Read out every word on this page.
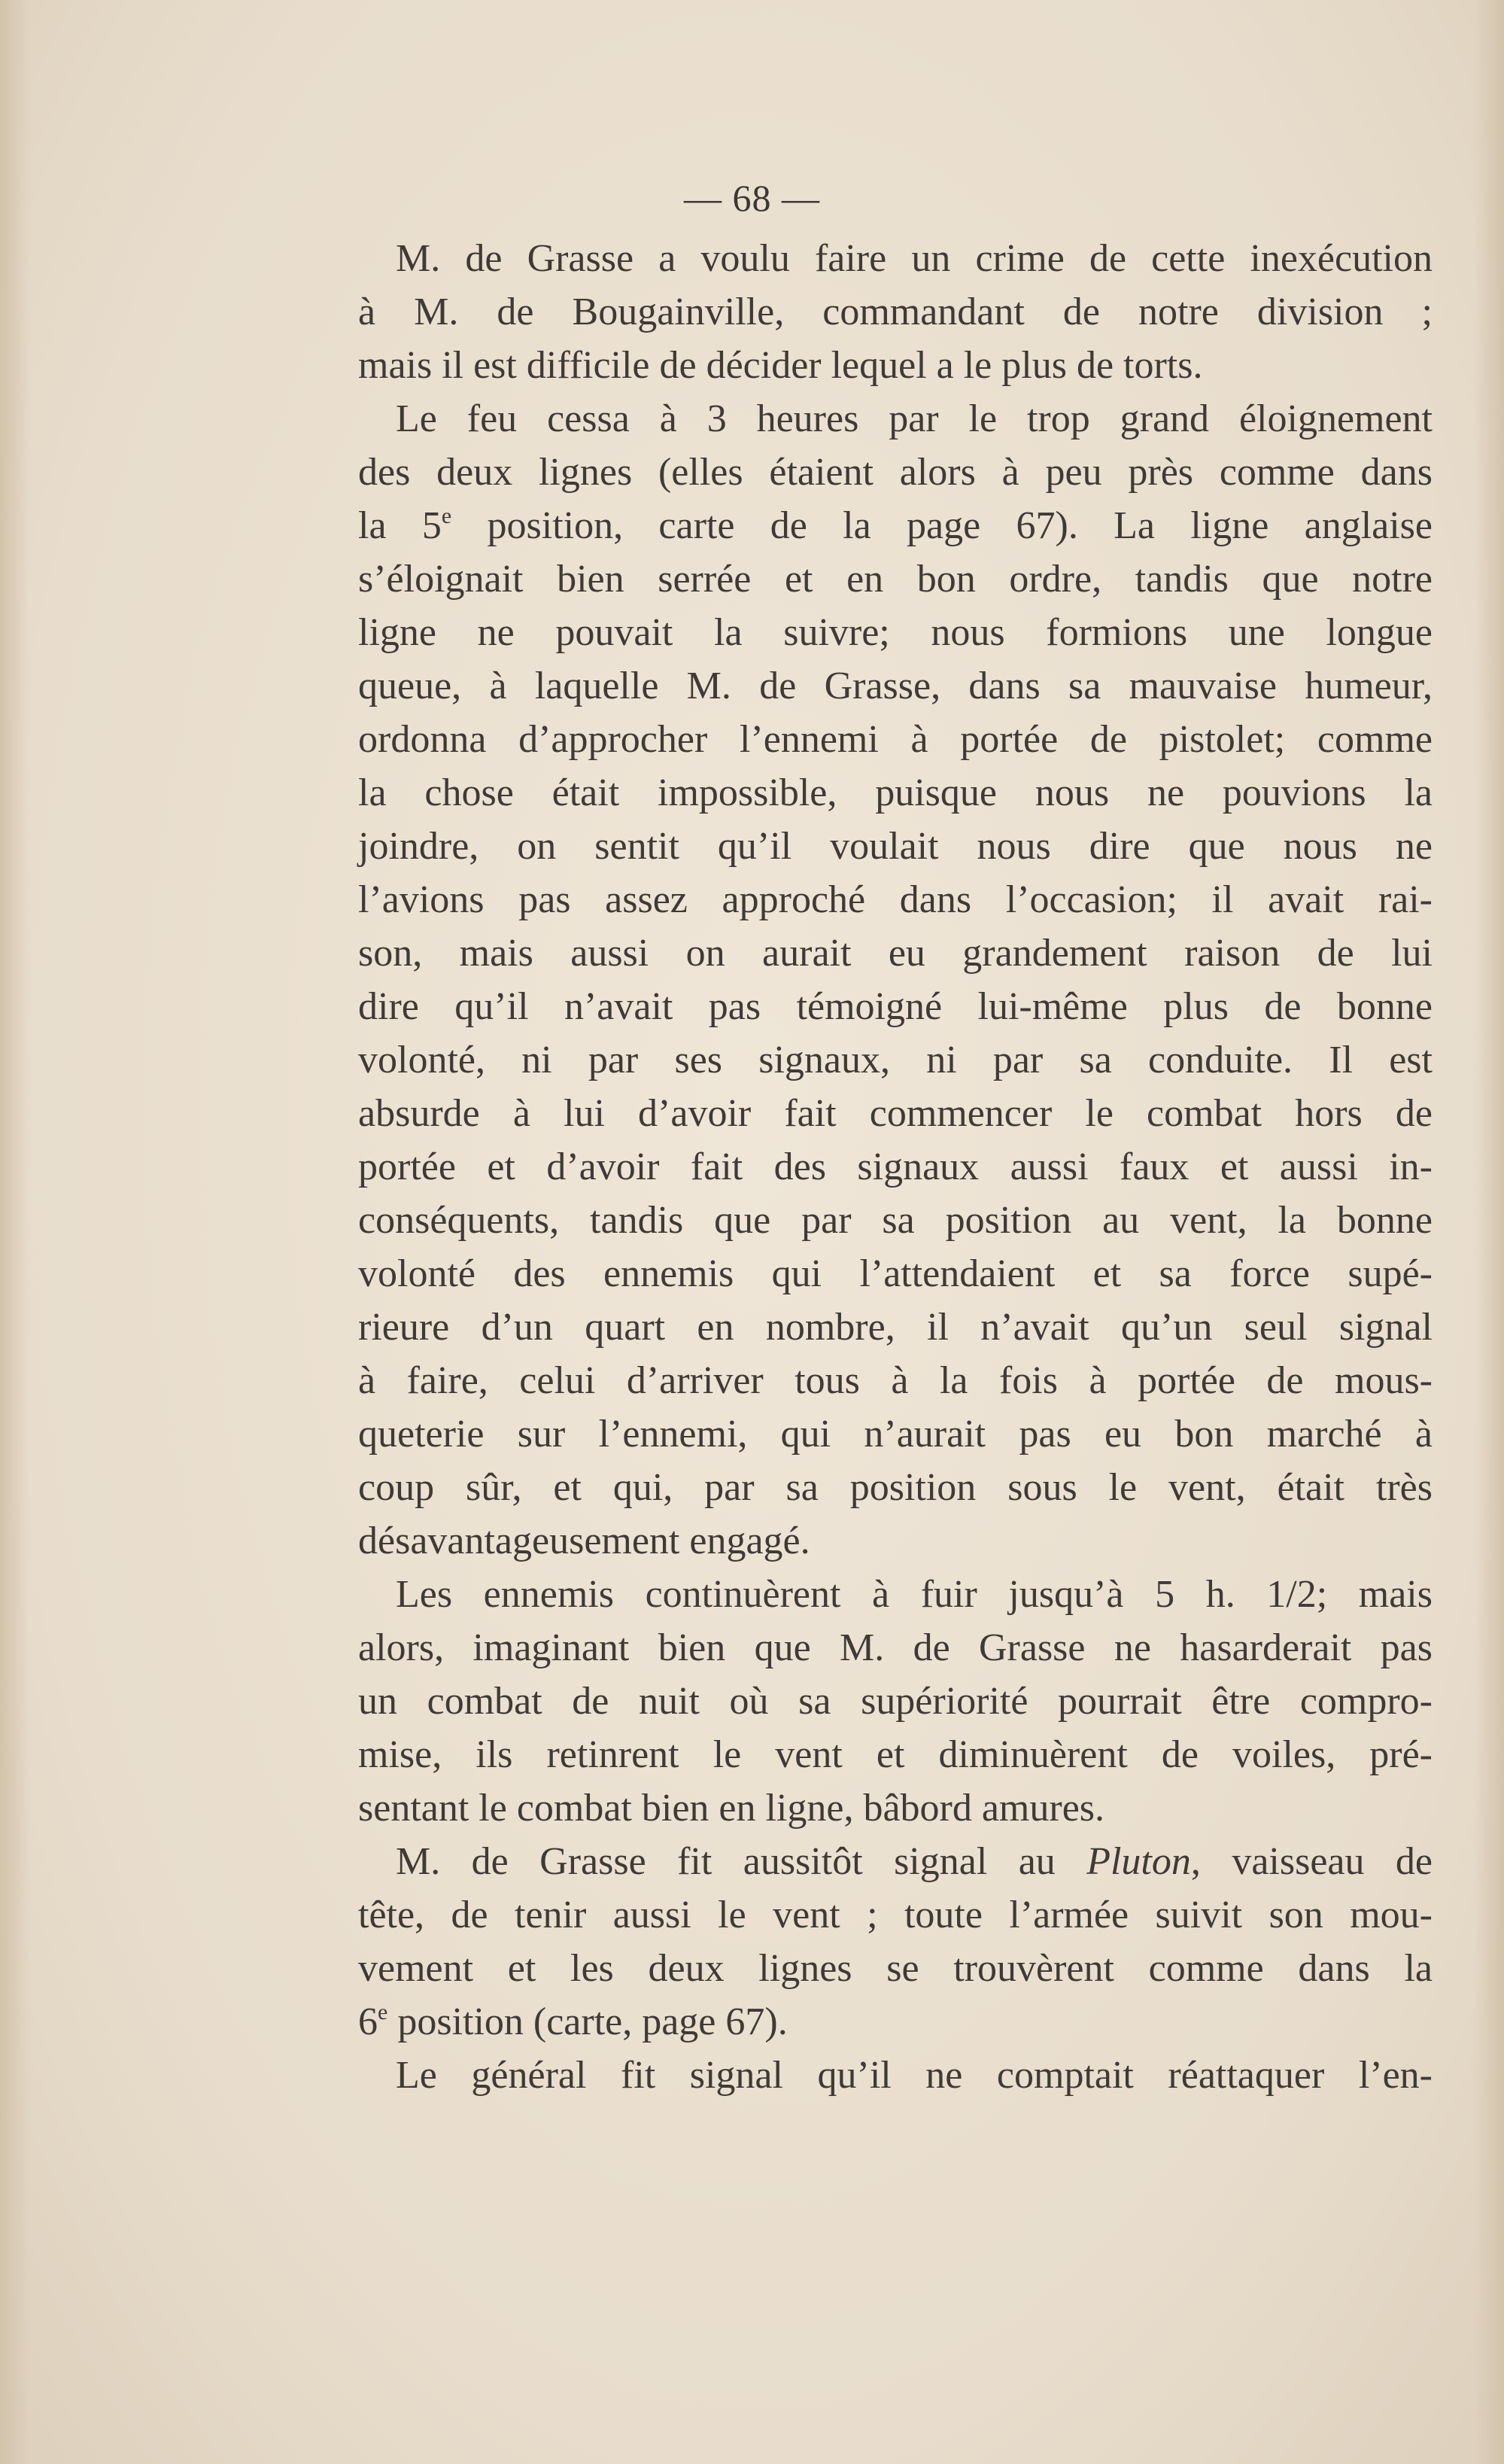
— 68 —

M. de Grasse a voulu faire un crime de cette inexécution
à M. de Bougainville, commandant de notre division ;
mais il est difficile de décider lequel a le plus de torts.

Le feu cessa à 3 heures par le trop grand éloignement
des deux lignes (elles étaient alors à peu près comme dans
la 5e position, carte de la page 67). La ligne anglaise
s’éloignait bien serrée et en bon ordre, tandis que notre
ligne ne pouvait la suivre; nous formions une longue
queue, à laquelle M. de Grasse, dans sa mauvaise humeur,
ordonna d’approcher l’ennemi à portée de pistolet; comme
la chose était impossible, puisque nous ne pouvions la
joindre, on sentit qu’il voulait nous dire que nous ne
l’avions pas assez approché dans l’occasion; il avait rai-
son, mais aussi on aurait eu grandement raison de lui
dire qu’il n’avait pas témoigné lui-même plus de bonne
volonté, ni par ses signaux, ni par sa conduite. Il est
absurde à lui d’avoir fait commencer le combat hors de
portée et d’avoir fait des signaux aussi faux et aussi in-
conséquents, tandis que par sa position au vent, la bonne
volonté des ennemis qui l’attendaient et sa force supé-
rieure d’un quart en nombre, il n’avait qu’un seul signal
à faire, celui d’arriver tous à la fois à portée de mous-
queterie sur l’ennemi, qui n’aurait pas eu bon marché à
coup sûr, et qui, par sa position sous le vent, était très
désavantageusement engagé.

Les ennemis continuèrent à fuir jusqu’à 5 h. 1/2; mais
alors, imaginant bien que M. de Grasse ne hasarderait pas
un combat de nuit où sa supériorité pourrait être compro-
mise, ils retinrent le vent et diminuèrent de voiles, pré-
sentant le combat bien en ligne, bâbord amures.

M. de Grasse fit aussitôt signal au Pluton, vaisseau de
tête, de tenir aussi le vent ; toute l’armée suivit son mou-
vement et les deux lignes se trouvèrent comme dans la
6e position (carte, page 67).

Le général fit signal qu’il ne comptait réattaquer l’en-
